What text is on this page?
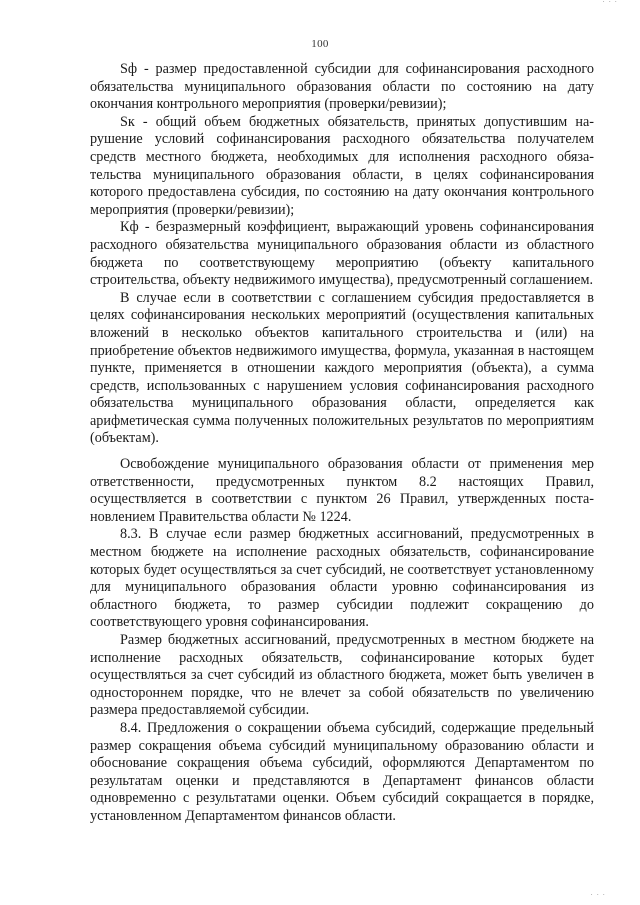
· · ·
100

Sф - размер предоставленной субсидии для софинансирования расходного обязательства муниципального образования области по состоянию на дату окончания контрольного мероприятия (проверки/ревизии);

Sк - общий объем бюджетных обязательств, принятых допустившим нарушение условий софинансирования расходного обязательства получателем средств местного бюджета, необходимых для исполнения расходного обязательства муниципального образования области, в целях софинансирования которого предоставлена субсидия, по состоянию на дату окончания контрольного мероприятия (проверки/ревизии);

Кф - безразмерный коэффициент, выражающий уровень софинансирования расходного обязательства муниципального образования области из областного бюджета по соответствующему мероприятию (объекту капитального строительства, объекту недвижимого имущества), предусмотренный соглашением.

В случае если в соответствии с соглашением субсидия предоставляется в целях софинансирования нескольких мероприятий (осуществления капитальных вложений в несколько объектов капитального строительства и (или) на приобретение объектов недвижимого имущества, формула, указанная в настоящем пункте, применяется в отношении каждого мероприятия (объекта), а сумма средств, использованных с нарушением условия софинансирования расходного обязательства муниципального образования области, определяется как арифметическая сумма полученных положительных результатов по мероприятиям (объектам).

Освобождение муниципального образования области от применения мер ответственности, предусмотренных пунктом 8.2 настоящих Правил, осуществляется в соответствии с пунктом 26 Правил, утвержденных постановлением Правительства области № 1224.

8.3. В случае если размер бюджетных ассигнований, предусмотренных в местном бюджете на исполнение расходных обязательств, софинансирование которых будет осуществляться за счет субсидий, не соответствует установленному для муниципального образования области уровню софинансирования из областного бюджета, то размер субсидии подлежит сокращению до соответствующего уровня софинансирования.

Размер бюджетных ассигнований, предусмотренных в местном бюджете на исполнение расходных обязательств, софинансирование которых будет осуществляться за счет субсидий из областного бюджета, может быть увеличен в одностороннем порядке, что не влечет за собой обязательств по увеличению размера предоставляемой субсидии.

8.4. Предложения о сокращении объема субсидий, содержащие предельный размер сокращения объема субсидий муниципальному образованию области и обоснование сокращения объема субсидий, оформляются Департаментом по результатам оценки и представляются в Департамент финансов области одновременно с результатами оценки. Объем субсидий сокращается в порядке, установленном Департаментом финансов области.

· · ·
